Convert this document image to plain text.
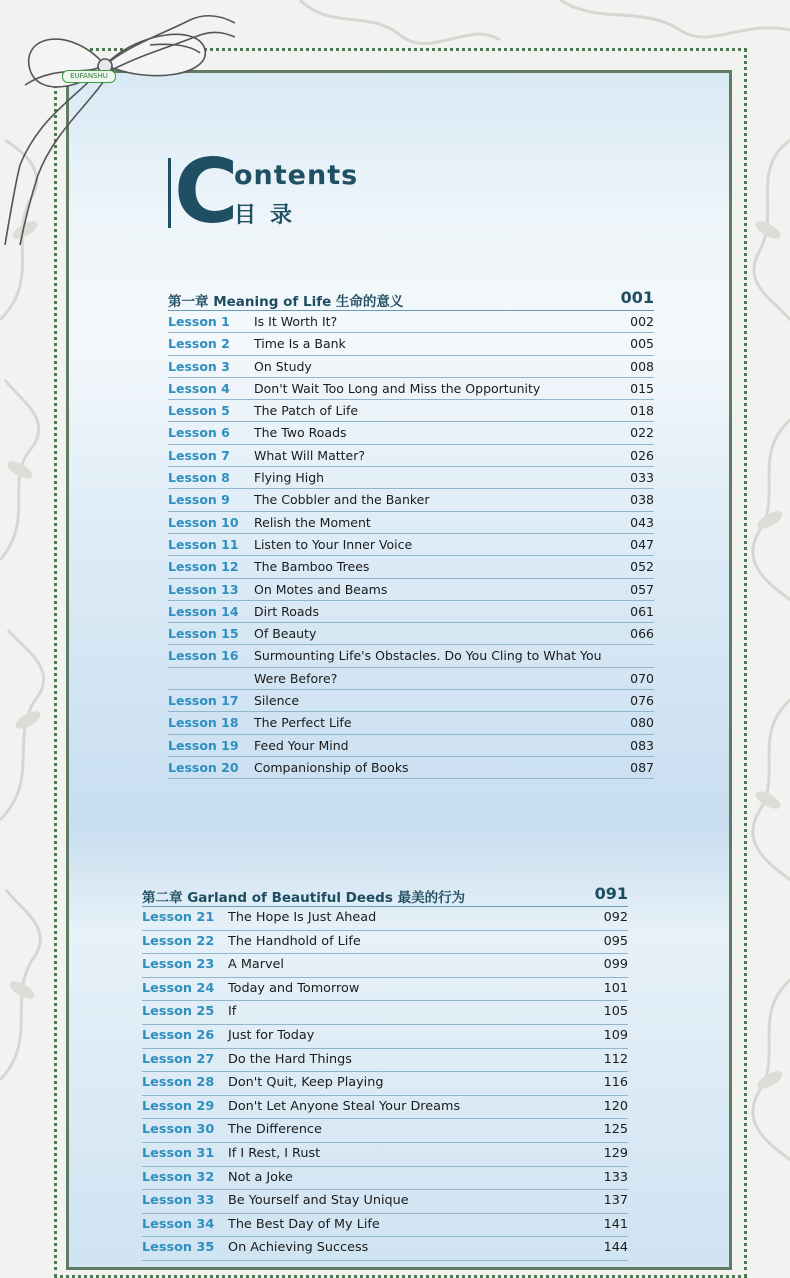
EUFANSHU
C
ontents
目录
第一章 Meaning of Life 生命的意义	001
Lesson 1 Is It Worth It?	002
Lesson 2 Time Is a Bank	005
Lesson 3 On Study	008
Lesson 4 Don't Wait Too Long and Miss the Opportunity	015
Lesson 5 The Patch of Life	018
Lesson 6 The Two Roads	022
Lesson 7 What Will Matter?	026
Lesson 8 Flying High	033
Lesson 9 The Cobbler and the Banker	038
Lesson 10 Relish the Moment	043
Lesson 11 Listen to Your Inner Voice	047
Lesson 12 The Bamboo Trees	052
Lesson 13 On Motes and Beams	057
Lesson 14 Dirt Roads	061
Lesson 15 Of Beauty	066
Lesson 16 Surmounting Life's Obstacles. Do You Cling to What You
Were Before?	070
Lesson 17 Silence	076
Lesson 18 The Perfect Life	080
Lesson 19 Feed Your Mind	083
Lesson 20 Companionship of Books	087
第二章 Garland of Beautiful Deeds 最美的行为	091
Lesson 21 The Hope Is Just Ahead	092
Lesson 22 The Handhold of Life	095
Lesson 23 A Marvel	099
Lesson 24 Today and Tomorrow	101
Lesson 25 If	105
Lesson 26 Just for Today	109
Lesson 27 Do the Hard Things	112
Lesson 28 Don't Quit, Keep Playing	116
Lesson 29 Don't Let Anyone Steal Your Dreams	120
Lesson 30 The Difference	125
Lesson 31 If I Rest, I Rust	129
Lesson 32 Not a Joke	133
Lesson 33 Be Yourself and Stay Unique	137
Lesson 34 The Best Day of My Life	141
Lesson 35 On Achieving Success	144
